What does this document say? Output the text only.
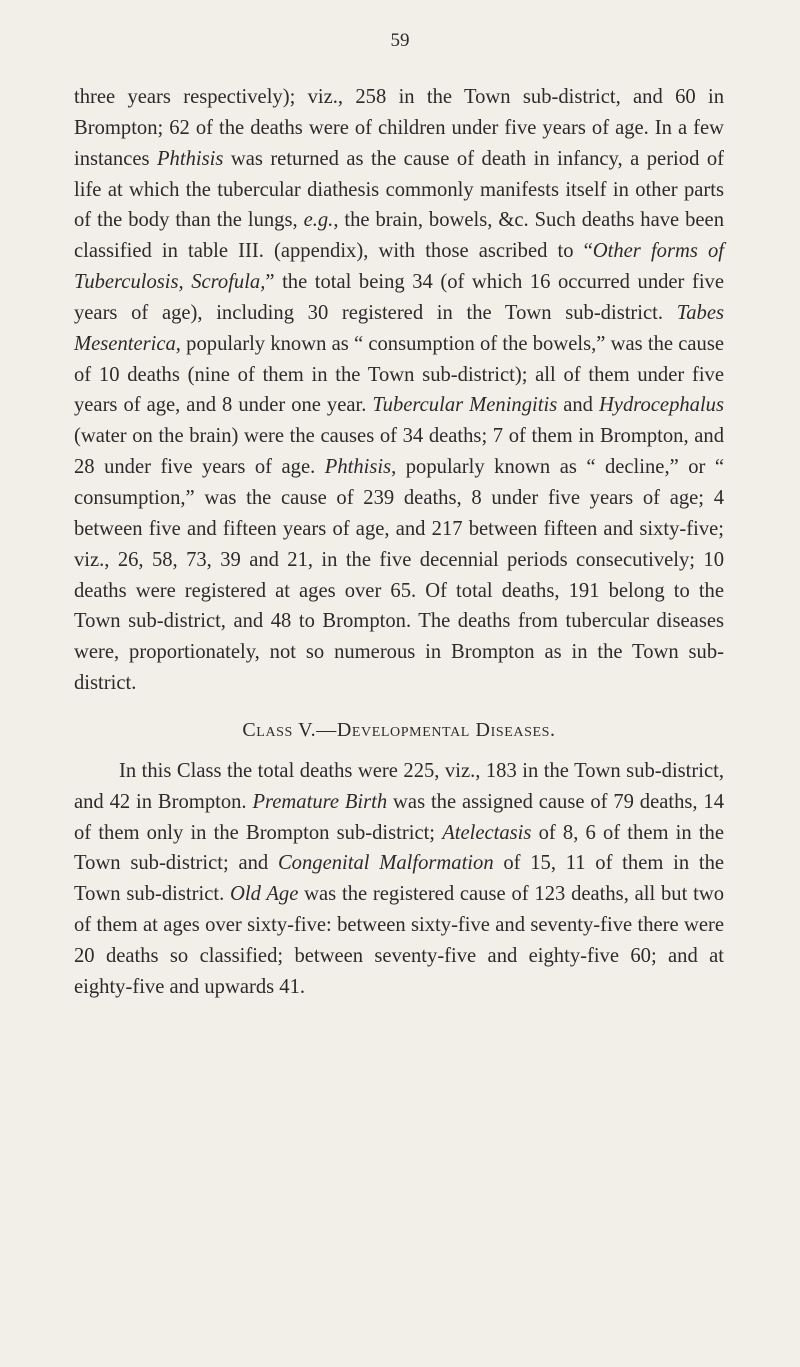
59

three years respectively); viz., 258 in the Town sub-district, and 60 in Brompton; 62 of the deaths were of children under five years of age. In a few instances Phthisis was returned as the cause of death in infancy, a period of life at which the tubercular diathesis commonly manifests itself in other parts of the body than the lungs, e.g., the brain, bowels, &c. Such deaths have been classified in table III. (appendix), with those ascribed to “Other forms of Tuberculosis, Scrofula,” the total being 34 (of which 16 occurred under five years of age), including 30 registered in the Town sub-district. Tabes Mesenterica, popularly known as “ consumption of the bowels,” was the cause of 10 deaths (nine of them in the Town sub-district); all of them under five years of age, and 8 under one year. Tubercular Meningitis and Hydrocephalus (water on the brain) were the causes of 34 deaths; 7 of them in Brompton, and 28 under five years of age. Phthisis, popularly known as “ decline,” or “ consumption,” was the cause of 239 deaths, 8 under five years of age; 4 between five and fifteen years of age, and 217 between fifteen and sixty-five; viz., 26, 58, 73, 39 and 21, in the five decennial periods consecutively; 10 deaths were registered at ages over 65. Of total deaths, 191 belong to the Town sub-district, and 48 to Brompton. The deaths from tubercular diseases were, proportionately, not so numerous in Brompton as in the Town sub-district.

Class V.—Developmental Diseases.

In this Class the total deaths were 225, viz., 183 in the Town sub-district, and 42 in Brompton. Premature Birth was the assigned cause of 79 deaths, 14 of them only in the Brompton sub-district; Atelectasis of 8, 6 of them in the Town sub-district; and Congenital Malformation of 15, 11 of them in the Town sub-district. Old Age was the registered cause of 123 deaths, all but two of them at ages over sixty-five: between sixty-five and seventy-five there were 20 deaths so classified; between seventy-five and eighty-five 60; and at eighty-five and upwards 41.
